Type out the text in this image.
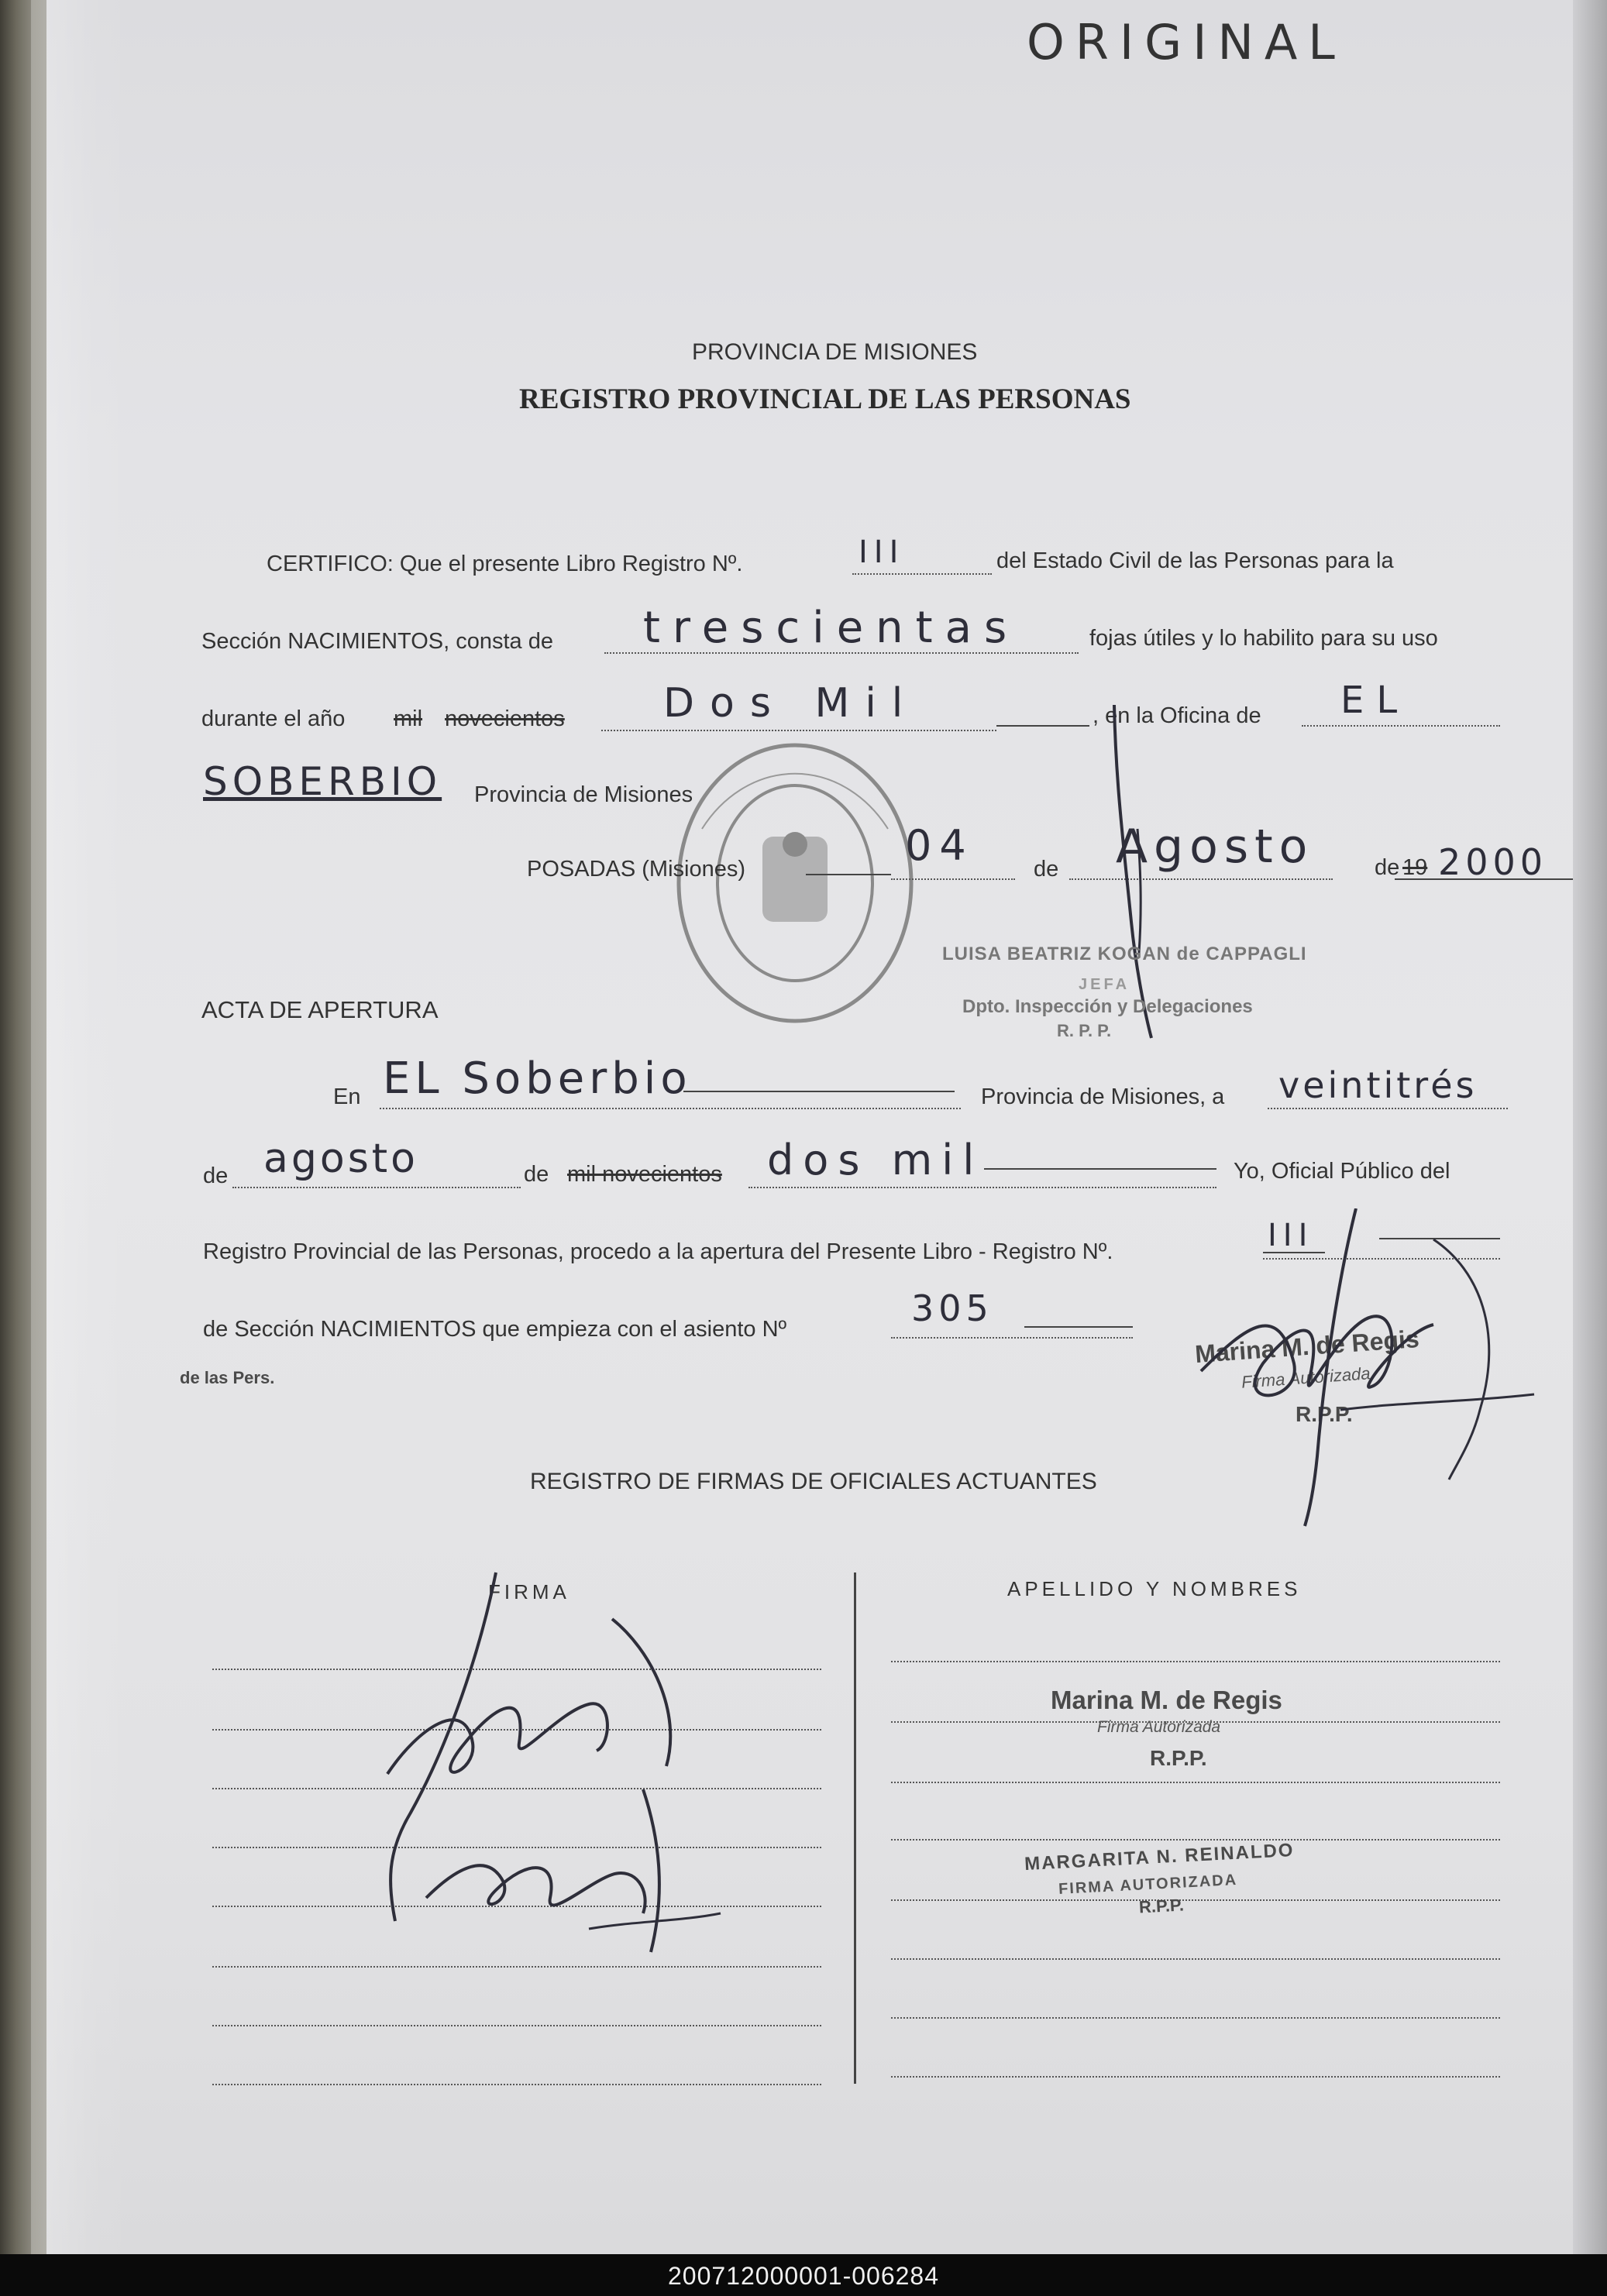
ORIGINAL
PROVINCIA DE MISIONES
REGISTRO PROVINCIAL DE LAS PERSONAS
CERTIFICO: Que el presente Libro Registro Nº.	III	del Estado Civil de las Personas para la
Sección NACIMIENTOS, consta de trescientas	fojas útiles y lo habilito para su uso
durante el año mil novecientos Dos Mil	, en la Oficina de EL
SOBERBIO Provincia de Misiones
POSADAS (Misiones)	04	de Agosto	de 19 2000
LUISA BEATRIZ KOGAN de CAPPAGLI
JEFA
Dpto. Inspección y Delegaciones
R. P. P.
ACTA DE APERTURA
En EL Soberbio	Provincia de Misiones, a veintitrés
de agosto	de mil novecientos dos mil	Yo, Oficial Público del
Registro Provincial de las Personas, procedo a la apertura del Presente Libro - Registro Nº.	III
de Sección NACIMIENTOS que empieza con el asiento Nº	305
de las Pers.
Marina M. de Regis
Firma Autorizada
R.P.P.
REGISTRO DE FIRMAS DE OFICIALES ACTUANTES
FIRMA	APELLIDO Y NOMBRES
Marina M. de Regis
Firma Autorizada
R.P.P.
MARGARITA N. REINALDO
FIRMA AUTORIZADA
R.P.P.
200712000001-006284
